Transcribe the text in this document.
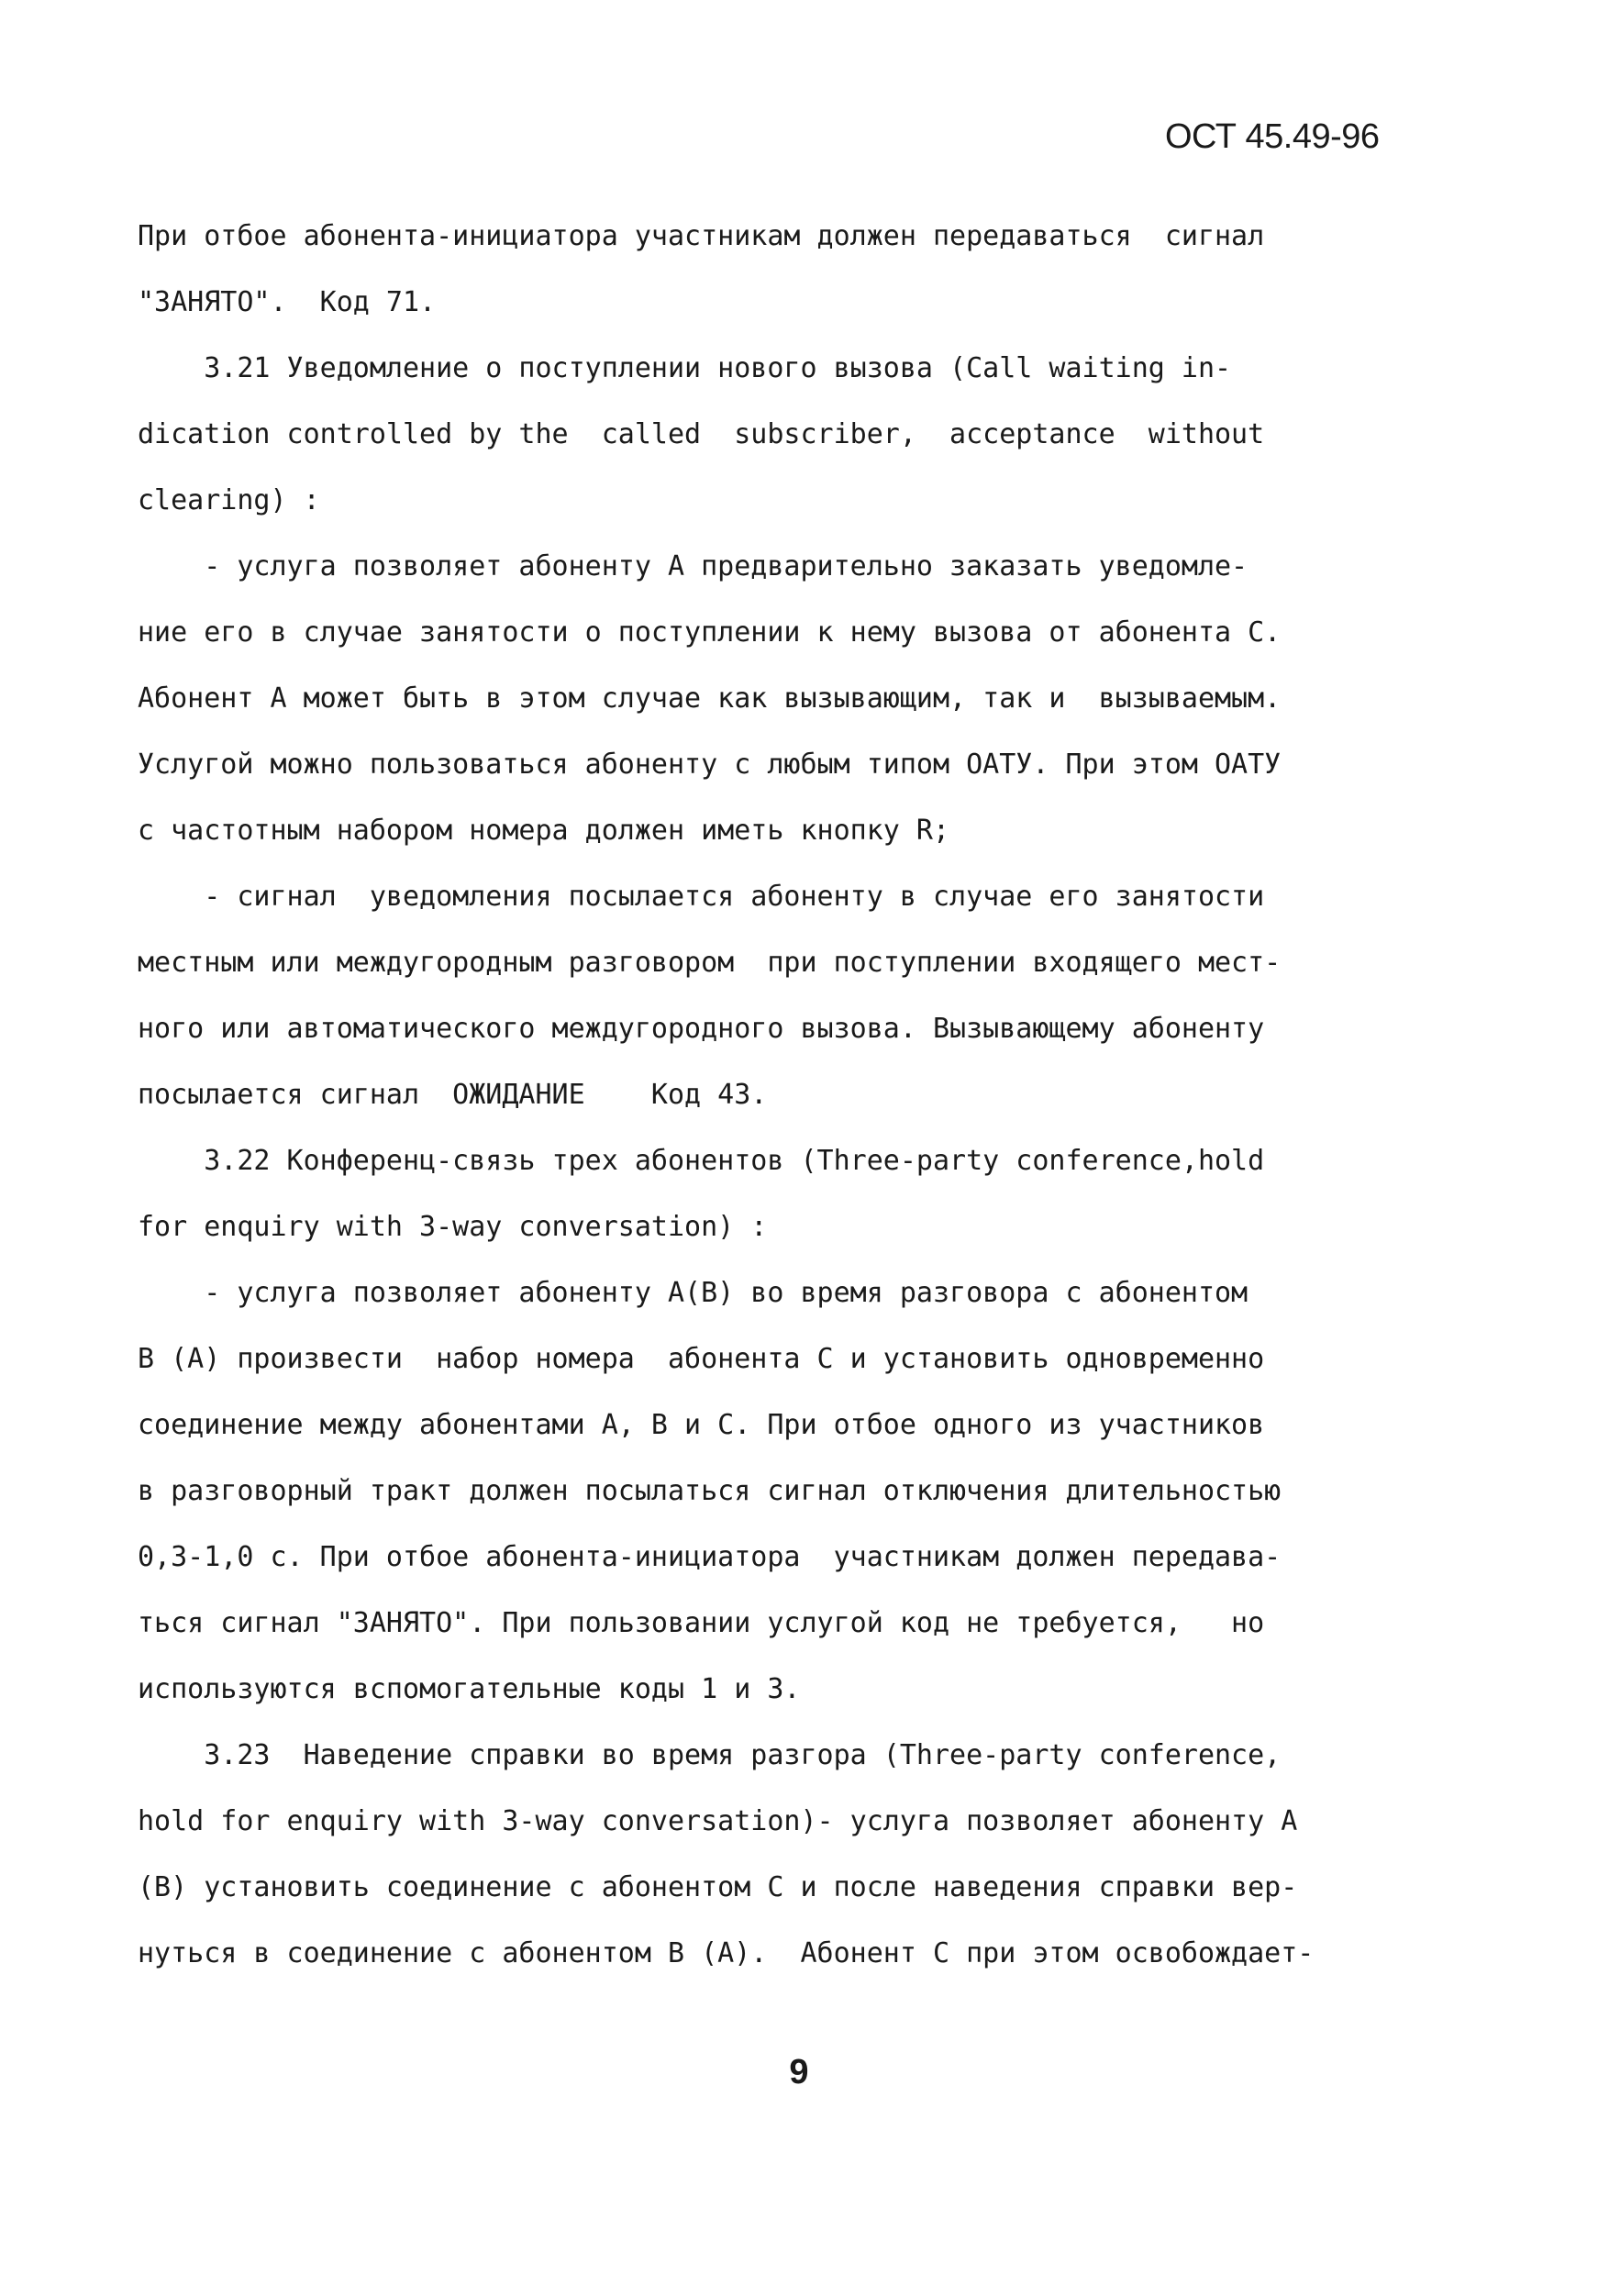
ОСТ 45.49-96
При отбое абонента-инициатора участникам должен передаваться  сигнал
"ЗАНЯТО".  Код 71.
3.21 Уведомление о поступлении нового вызова (Call waiting in-
dication controlled by the  called  subscriber,  acceptance  without
clearing) :
- услуга позволяет абоненту А предварительно заказать уведомле-
ние его в случае занятости о поступлении к нему вызова от абонента С.
Абонент А может быть в этом случае как вызывающим, так и  вызываемым.
Услугой можно пользоваться абоненту с любым типом ОАТУ. При этом ОАТУ
с частотным набором номера должен иметь кнопку R;
- сигнал  уведомления посылается абоненту в случае его занятости
местным или междугородным разговором  при поступлении входящего мест-
ного или автоматического междугородного вызова. Вызывающему абоненту
посылается сигнал  ОЖИДАНИЕ    Код 43.
3.22 Конференц-связь трех абонентов (Three-party conference,hold
for enquiry with 3-way conversation) :
- услуга позволяет абоненту А(В) во время разговора с абонентом
В (А) произвести  набор номера  абонента С и установить одновременно
соединение между абонентами А, В и С. При отбое одного из участников
в разговорный тракт должен посылаться сигнал отключения длительностью
0,3-1,0 с. При отбое абонента-инициатора  участникам должен передава-
ться сигнал "ЗАНЯТО". При пользовании услугой код не требуется,   но
используются вспомогательные коды 1 и 3.
3.23  Наведение справки во время разгора (Three-party conference,
hold for enquiry with 3-way conversation)- услуга позволяет абоненту А
(В) установить соединение с абонентом С и после наведения справки вер-
нуться в соединение с абонентом В (А).  Абонент С при этом освобождает-
9
